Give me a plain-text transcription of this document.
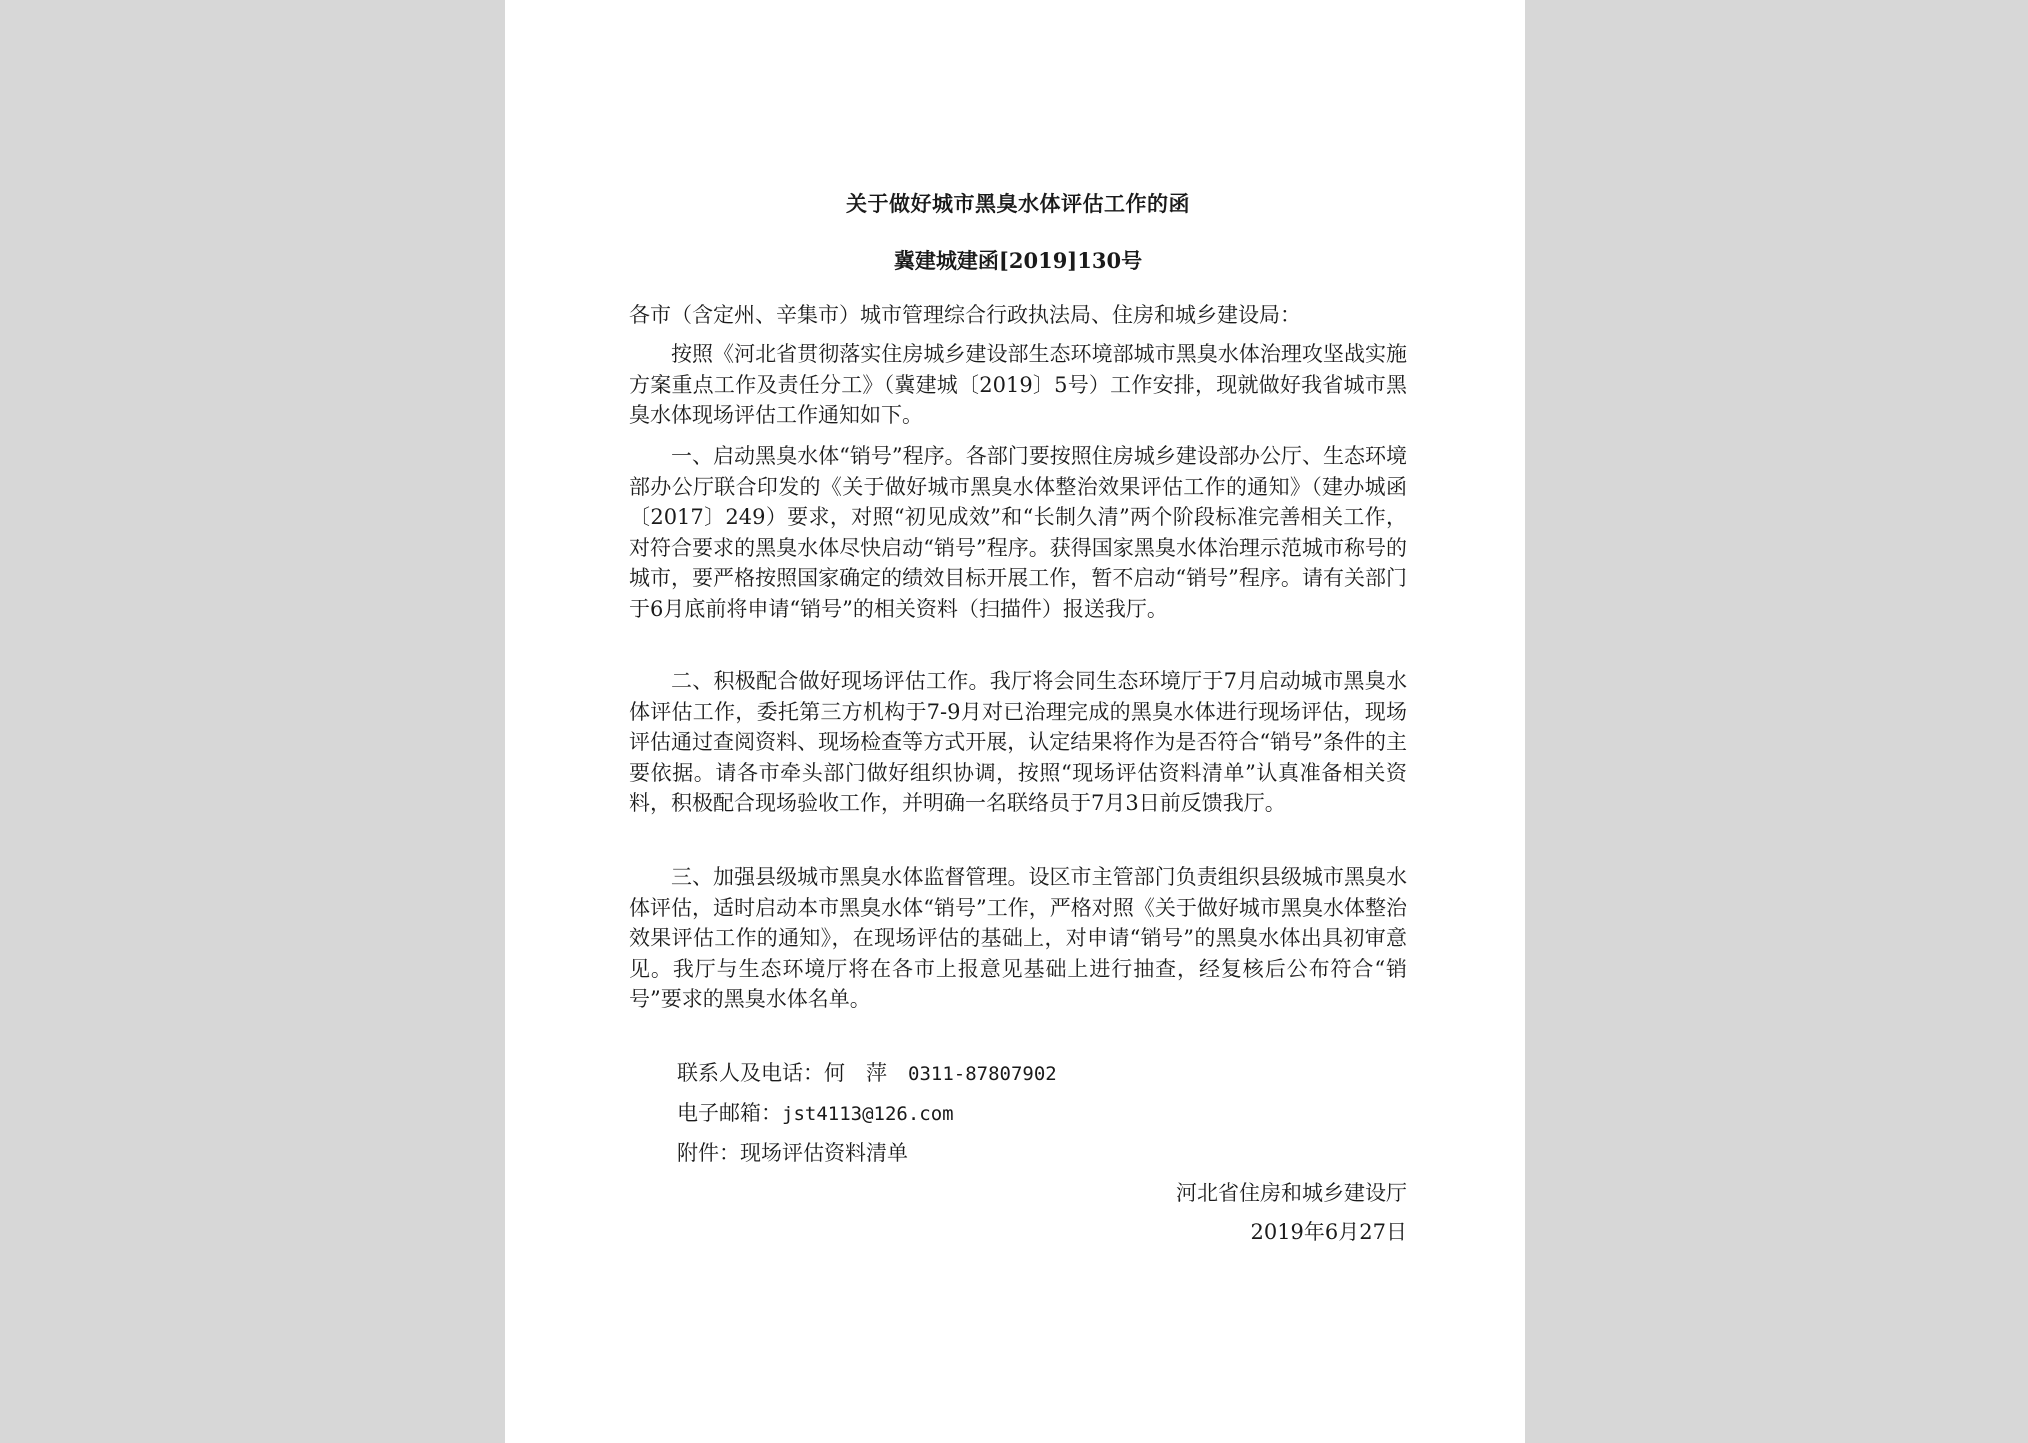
关于做好城市黑臭水体评估工作的函
冀建城建函[2019]130号
各市（含定州、辛集市）城市管理综合行政执法局、住房和城乡建设局：
按照《河北省贯彻落实住房城乡建设部生态环境部城市黑臭水体治理攻坚战实施方案重点工作及责任分工》（冀建城〔2019〕5号）工作安排，现就做好我省城市黑臭水体现场评估工作通知如下。
一、启动黑臭水体“销号”程序。各部门要按照住房城乡建设部办公厅、生态环境部办公厅联合印发的《关于做好城市黑臭水体整治效果评估工作的通知》（建办城函〔2017〕249）要求，对照“初见成效”和“长制久清”两个阶段标准完善相关工作，对符合要求的黑臭水体尽快启动“销号”程序。获得国家黑臭水体治理示范城市称号的城市，要严格按照国家确定的绩效目标开展工作，暂不启动“销号”程序。请有关部门于6月底前将申请“销号”的相关资料（扫描件）报送我厅。
二、积极配合做好现场评估工作。我厅将会同生态环境厅于7月启动城市黑臭水体评估工作，委托第三方机构于7-9月对已治理完成的黑臭水体进行现场评估，现场评估通过查阅资料、现场检查等方式开展，认定结果将作为是否符合“销号”条件的主要依据。请各市牵头部门做好组织协调，按照“现场评估资料清单”认真准备相关资料，积极配合现场验收工作，并明确一名联络员于7月3日前反馈我厅。
三、加强县级城市黑臭水体监督管理。设区市主管部门负责组织县级城市黑臭水体评估，适时启动本市黑臭水体“销号”工作，严格对照《关于做好城市黑臭水体整治效果评估工作的通知》，在现场评估的基础上，对申请“销号”的黑臭水体出具初审意见。我厅与生态环境厅将在各市上报意见基础上进行抽查，经复核后公布符合“销号”要求的黑臭水体名单。
联系人及电话：何　萍　0311-87807902
电子邮箱：jst4113@126.com
附件：现场评估资料清单
河北省住房和城乡建设厅
2019年6月27日
